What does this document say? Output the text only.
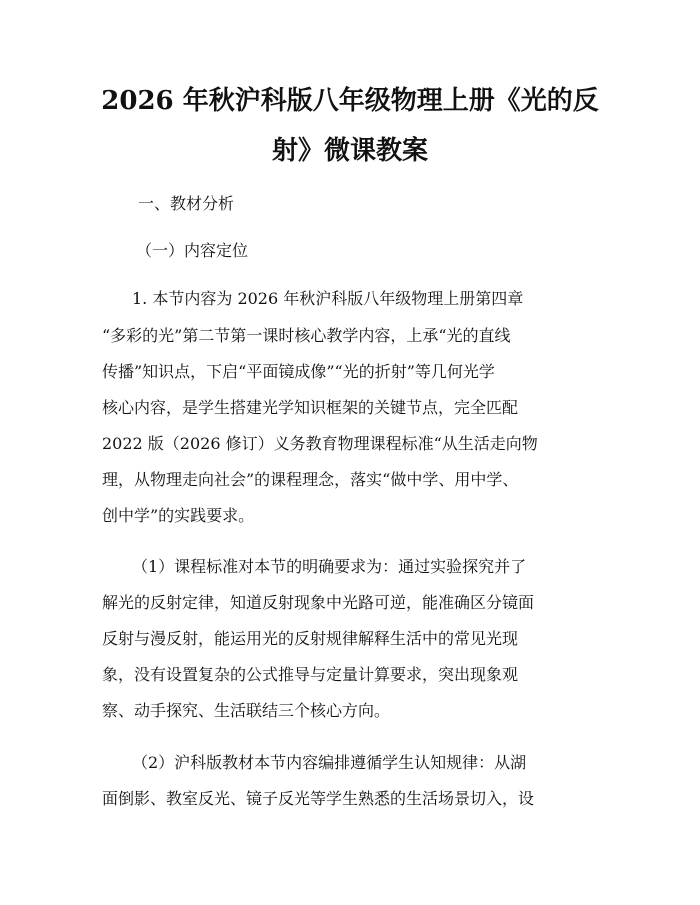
2026 年秋沪科版八年级物理上册《光的反
射》微课教案
一、教材分析
（一）内容定位
1. 本节内容为 2026 年秋沪科版八年级物理上册第四章
“多彩的光”第二节第一课时核心教学内容，上承“光的直线
传播”知识点，下启“平面镜成像”“光的折射”等几何光学
核心内容，是学生搭建光学知识框架的关键节点，完全匹配
2022 版（2026 修订）义务教育物理课程标准“从生活走向物
理，从物理走向社会”的课程理念，落实“做中学、用中学、
创中学”的实践要求。
（1）课程标准对本节的明确要求为：通过实验探究并了
解光的反射定律，知道反射现象中光路可逆，能准确区分镜面
反射与漫反射，能运用光的反射规律解释生活中的常见光现
象，没有设置复杂的公式推导与定量计算要求，突出现象观
察、动手探究、生活联结三个核心方向。
（2）沪科版教材本节内容编排遵循学生认知规律：从湖
面倒影、教室反光、镜子反光等学生熟悉的生活场景切入，设
